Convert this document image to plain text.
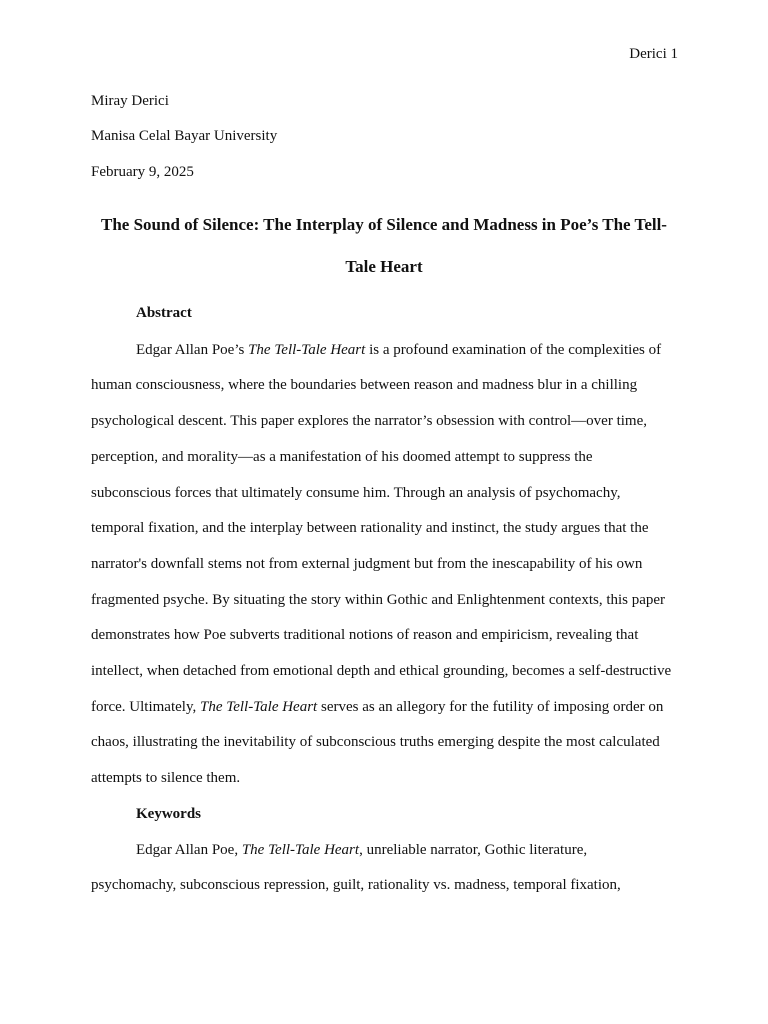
Derici 1
Miray Derici
Manisa Celal Bayar University
February 9, 2025
The Sound of Silence: The Interplay of Silence and Madness in Poe’s The Tell-
Tale Heart
Abstract
Edgar Allan Poe’s The Tell-Tale Heart is a profound examination of the complexities of
human consciousness, where the boundaries between reason and madness blur in a chilling
psychological descent. This paper explores the narrator’s obsession with control—over time,
perception, and morality—as a manifestation of his doomed attempt to suppress the
subconscious forces that ultimately consume him. Through an analysis of psychomachy,
temporal fixation, and the interplay between rationality and instinct, the study argues that the
narrator's downfall stems not from external judgment but from the inescapability of his own
fragmented psyche. By situating the story within Gothic and Enlightenment contexts, this paper
demonstrates how Poe subverts traditional notions of reason and empiricism, revealing that
intellect, when detached from emotional depth and ethical grounding, becomes a self-destructive
force. Ultimately, The Tell-Tale Heart serves as an allegory for the futility of imposing order on
chaos, illustrating the inevitability of subconscious truths emerging despite the most calculated
attempts to silence them.
Keywords
Edgar Allan Poe, The Tell-Tale Heart, unreliable narrator, Gothic literature,
psychomachy, subconscious repression, guilt, rationality vs. madness, temporal fixation,
